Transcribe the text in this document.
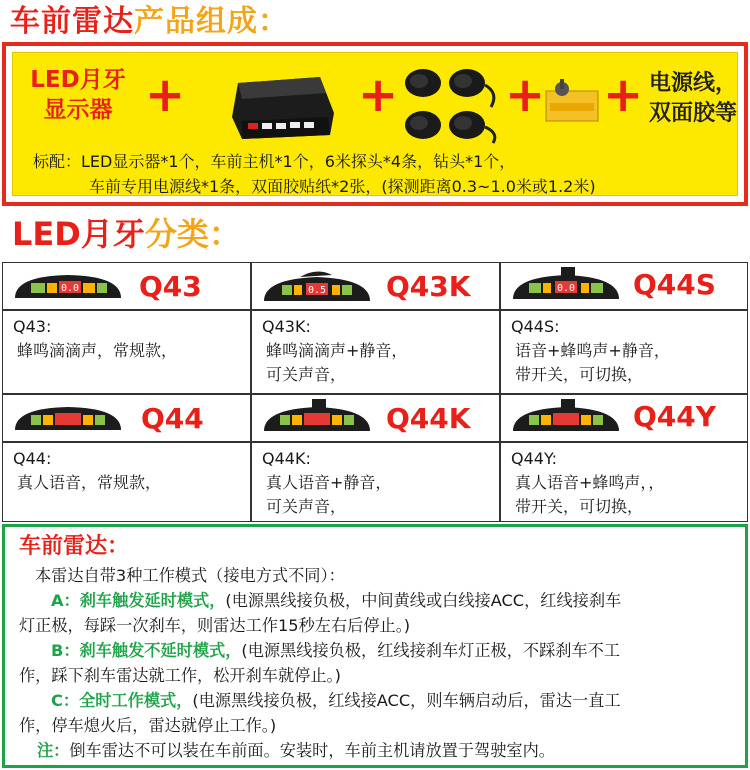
车前雷达产品组成：
LED月牙
显示器 +	+ + + 电源线，
双面胶等
标配：LED显示器*1个，车前主机*1个，6米探头*4条，钻头*1个，
车前专用电源线*1条，双面胶贴纸*2张，(探测距离0.3~1.0米或1.2米)
LED月牙分类：
0.0 Q43	0.5 Q43K	0.0 Q44S
Q43:
蜂鸣滴滴声，常规款，
Q43K:
蜂鸣滴滴声+静音，
可关声音，
Q44S:
语音+蜂鸣声+静音，
带开关，可切换，
Q44	Q44K	Q44Y
Q44:
真人语音，常规款，
Q44K:
真人语音+静音，
可关声音，
Q44Y:
真人语音+蜂鸣声，，
带开关，可切换，
车前雷达：
本雷达自带3种工作模式（接电方式不同）：
A：刹车触发延时模式，(电源黑线接负极，中间黄线或白线接ACC，红线接刹车
灯正极，每踩一次刹车，则雷达工作15秒左右后停止。)
B：刹车触发不延时模式，(电源黑线接负极，红线接刹车灯正极，不踩刹车不工
作，踩下刹车雷达就工作，松开刹车就停止。)
C：全时工作模式，(电源黑线接负极，红线接ACC，则车辆启动后，雷达一直工
作，停车熄火后，雷达就停止工作。)
注：倒车雷达不可以装在车前面。安装时，车前主机请放置于驾驶室内。
